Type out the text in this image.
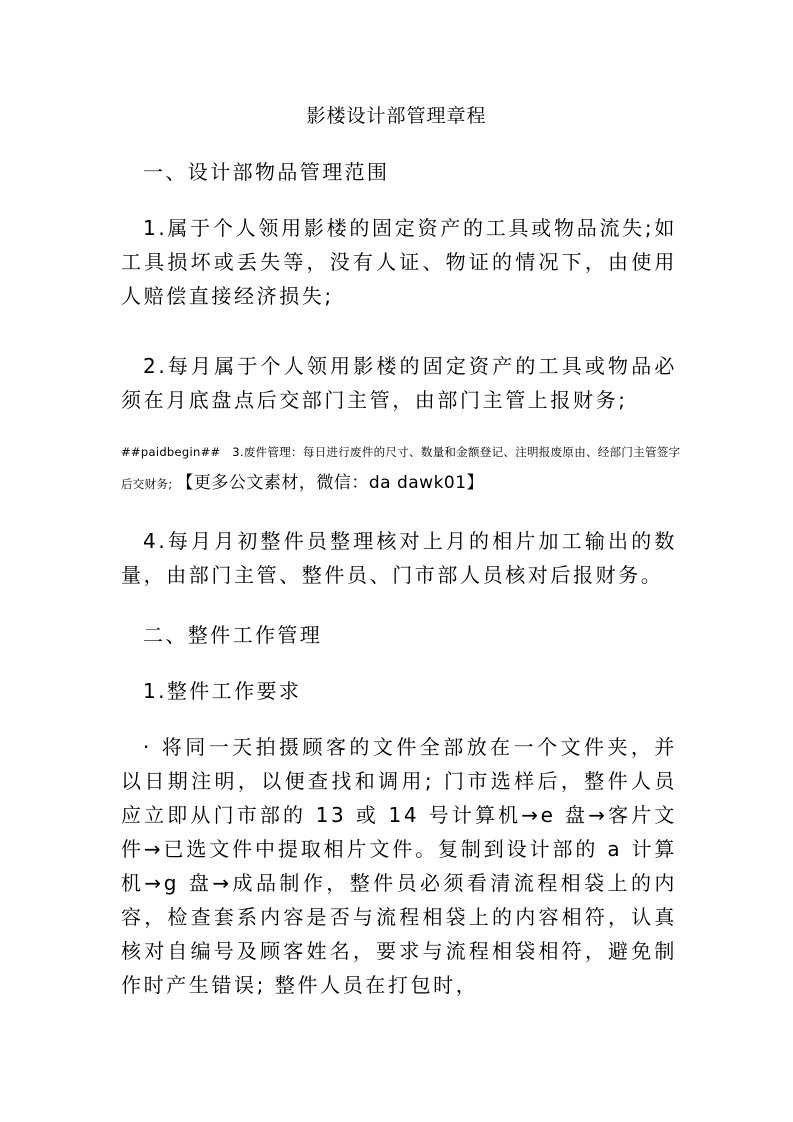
影楼设计部管理章程

一、设计部物品管理范围

1.属于个人领用影楼的固定资产的工具或物品流失;如工具损坏或丢失等，没有人证、物证的情况下，由使用人赔偿直接经济损失;

2.每月属于个人领用影楼的固定资产的工具或物品必须在月底盘点后交部门主管，由部门主管上报财务;

##paidbegin##　3.废件管理：每日进行废件的尺寸、数量和金额登记、注明报废原由、经部门主管签字后交财务; 【更多公文素材，微信：da dawk01】

4.每月月初整件员整理核对上月的相片加工输出的数量，由部门主管、整件员、门市部人员核对后报财务。

二、整件工作管理

1.整件工作要求

· 将同一天拍摄顾客的文件全部放在一个文件夹，并以日期注明，以便查找和调用; 门市选样后，整件人员应立即从门市部的 13 或 14 号计算机→e 盘→客片文件→已选文件中提取相片文件。复制到设计部的 a 计算机→g 盘→成品制作，整件员必须看清流程相袋上的内容，检查套系内容是否与流程相袋上的内容相符，认真核对自编号及顾客姓名，要求与流程相袋相符，避免制作时产生错误; 整件人员在打包时，
